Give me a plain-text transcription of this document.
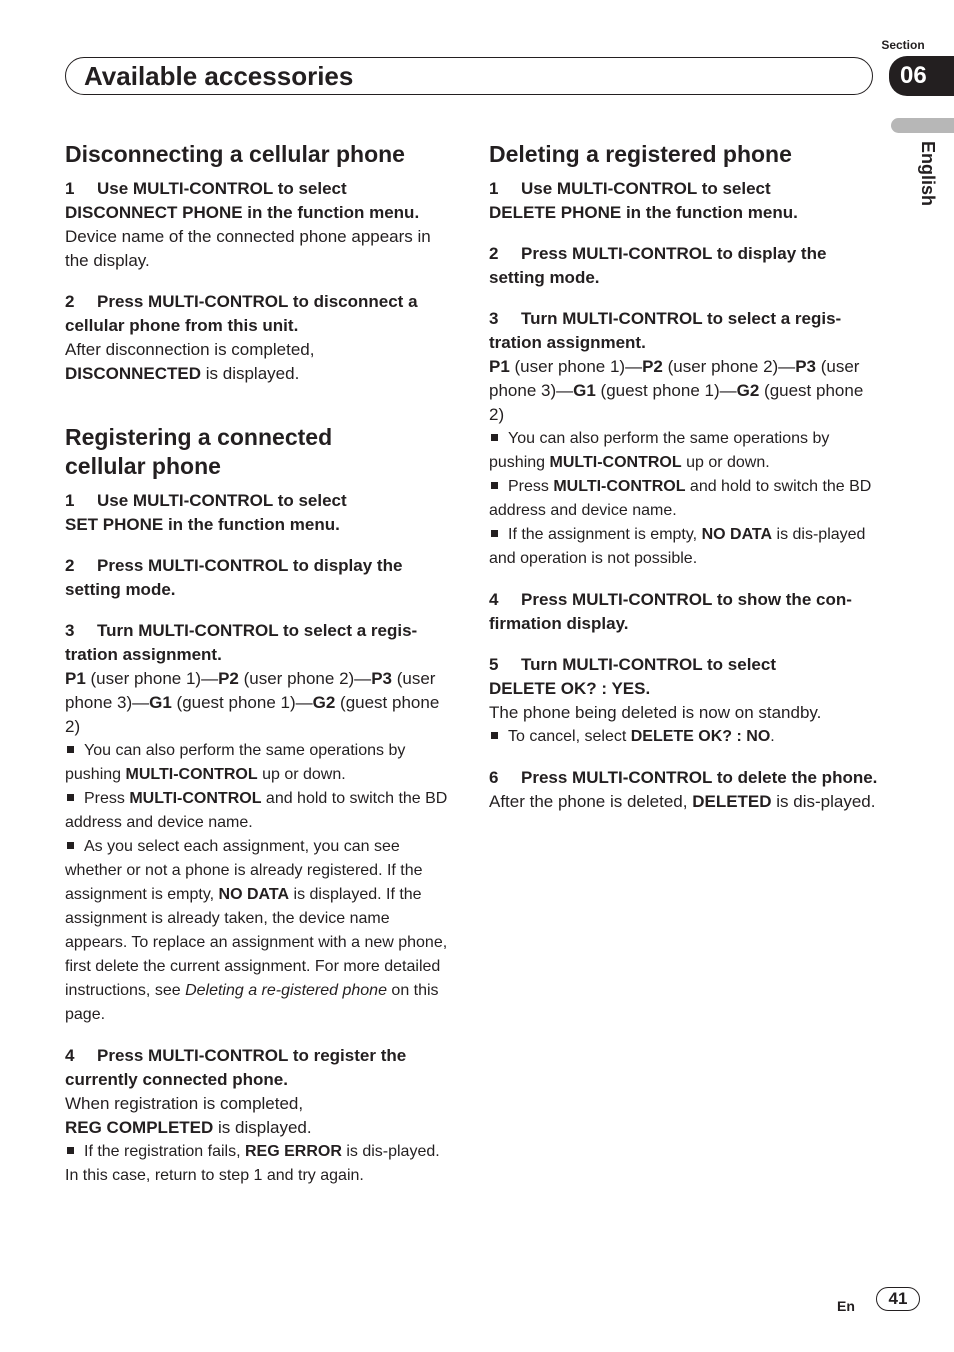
Section
Available accessories	06
English
Disconnecting a cellular phone

1 Use MULTI-CONTROL to select
DISCONNECT PHONE in the function menu.

Device name of the connected phone appears in the display.

2 Press MULTI-CONTROL to disconnect a cellular phone from this unit.

After disconnection is completed,
DISCONNECTED is displayed.

Registering a connected cellular phone

1 Use MULTI-CONTROL to select
SET PHONE in the function menu.

2 Press MULTI-CONTROL to display the setting mode.

3 Turn MULTI-CONTROL to select a regis-tration assignment.

P1 (user phone 1)—P2 (user phone 2)—P3 (user phone 3)—G1 (guest phone 1)—G2 (guest phone 2)

You can also perform the same operations by pushing MULTI-CONTROL up or down.

Press MULTI-CONTROL and hold to switch the BD address and device name.

As you select each assignment, you can see whether or not a phone is already registered. If the assignment is empty, NO DATA is displayed. If the assignment is already taken, the device name appears. To replace an assignment with a new phone, first delete the current assignment. For more detailed instructions, see Deleting a re-gistered phone on this page.

4 Press MULTI-CONTROL to register the currently connected phone.

When registration is completed,
REG COMPLETED is displayed.

If the registration fails, REG ERROR is dis-played. In this case, return to step 1 and try again.

Deleting a registered phone

1 Use MULTI-CONTROL to select
DELETE PHONE in the function menu.

2 Press MULTI-CONTROL to display the setting mode.

3 Turn MULTI-CONTROL to select a regis-tration assignment.

P1 (user phone 1)—P2 (user phone 2)—P3 (user phone 3)—G1 (guest phone 1)—G2 (guest phone 2)

You can also perform the same operations by pushing MULTI-CONTROL up or down.

Press MULTI-CONTROL and hold to switch the BD address and device name.

If the assignment is empty, NO DATA is dis-played and operation is not possible.

4 Press MULTI-CONTROL to show the con-firmation display.

5 Turn MULTI-CONTROL to select
DELETE OK? : YES.

The phone being deleted is now on standby.

To cancel, select DELETE OK? : NO.

6 Press MULTI-CONTROL to delete the phone.

After the phone is deleted, DELETED is dis-played.

En	41
